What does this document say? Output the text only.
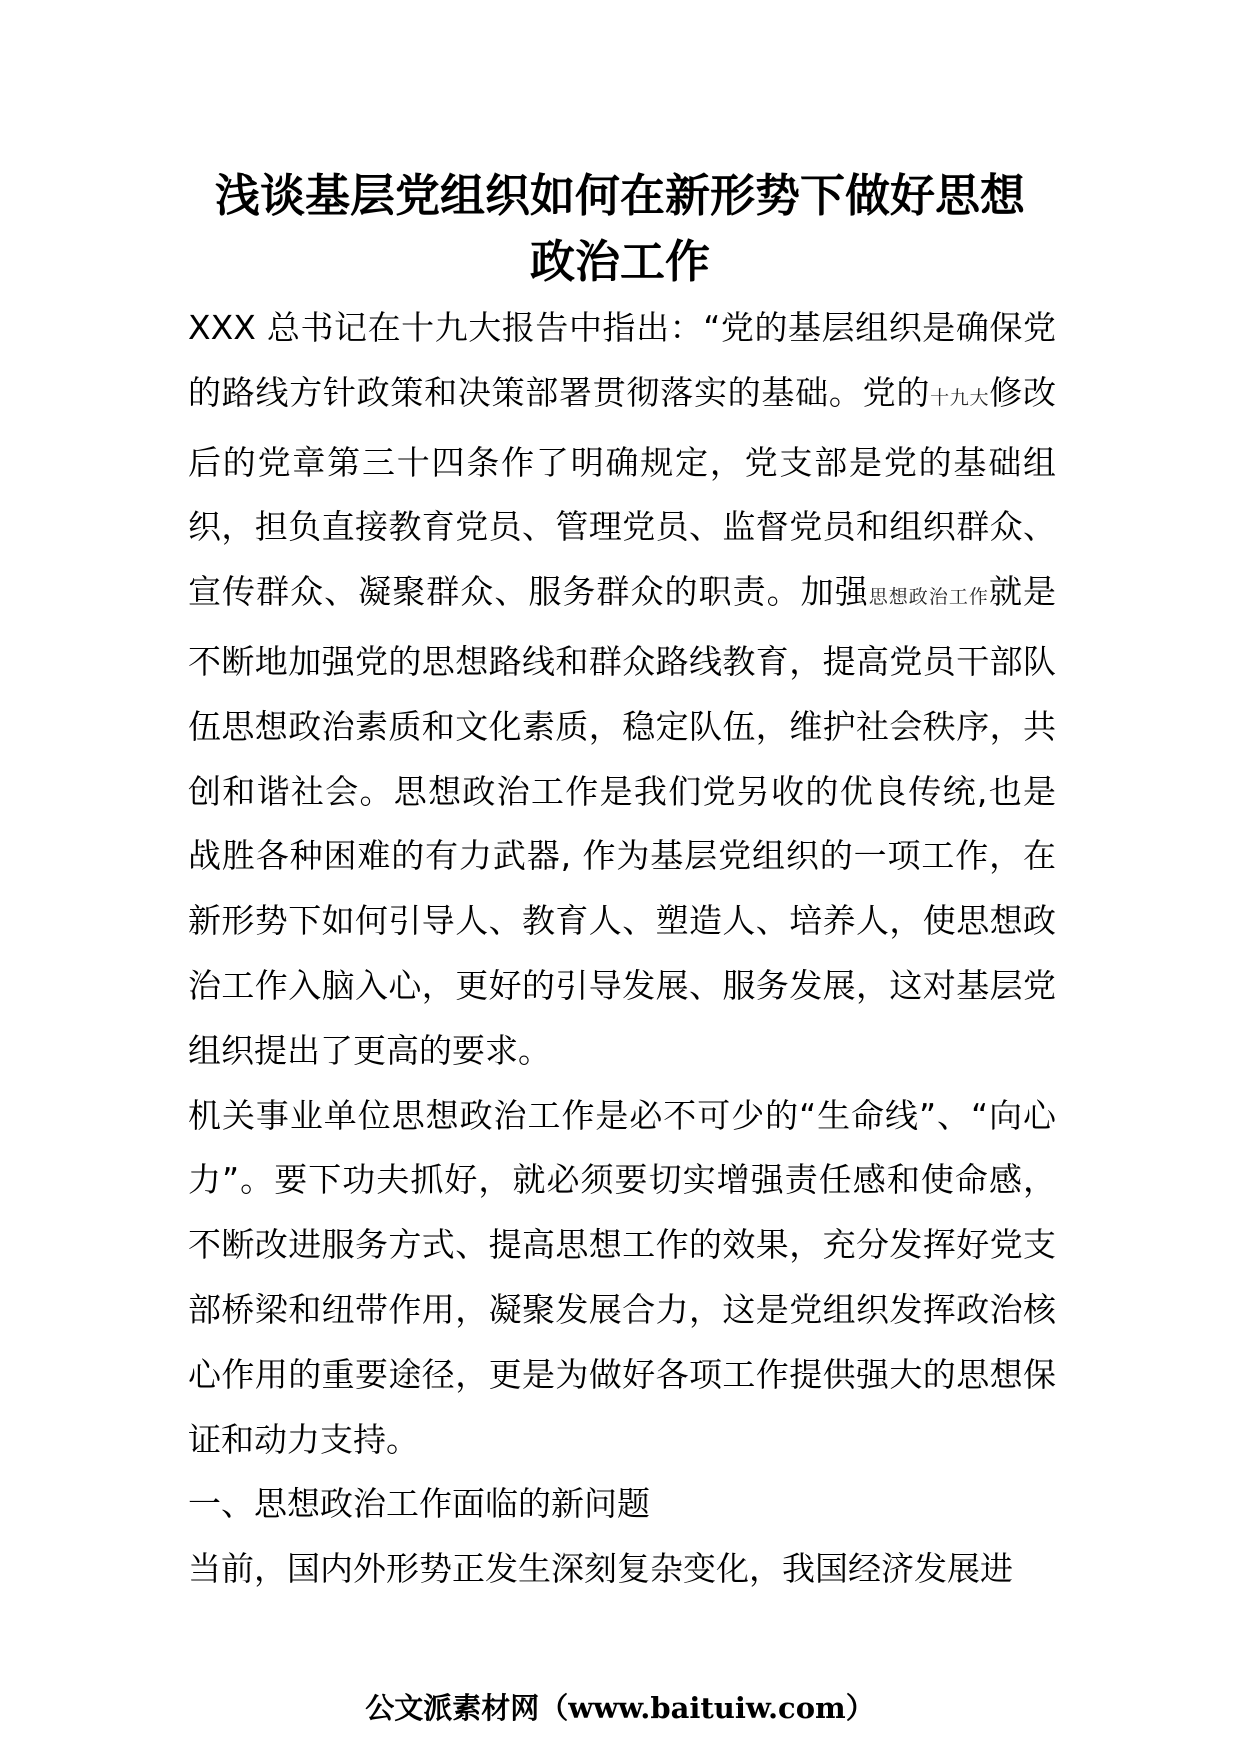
浅谈基层党组织如何在新形势下做好思想
政治工作

XXX 总书记在十九大报告中指出：“党的基层组织是确保党的路线方针政策和决策部署贯彻落实的基础。党的十九大修改后的党章第三十四条作了明确规定，党支部是党的基础组织，担负直接教育党员、管理党员、监督党员和组织群众、宣传群众、凝聚群众、服务群众的职责。加强思想政治工作就是不断地加强党的思想路线和群众路线教育，提高党员干部队伍思想政治素质和文化素质，稳定队伍，维护社会秩序，共创和谐社会。思想政治工作是我们党另收的优良传统,也是战胜各种困难的有力武器, 作为基层党组织的一项工作，在新形势下如何引导人、教育人、塑造人、培养人，使思想政治工作入脑入心，更好的引导发展、服务发展，这对基层党组织提出了更高的要求。

机关事业单位思想政治工作是必不可少的“生命线”、“向心力”。要下功夫抓好，就必须要切实增强责任感和使命感，不断改进服务方式、提高思想工作的效果，充分发挥好党支部桥梁和纽带作用，凝聚发展合力，这是党组织发挥政治核心作用的重要途径，更是为做好各项工作提供强大的思想保证和动力支持。

一、思想政治工作面临的新问题

当前，国内外形势正发生深刻复杂变化，我国经济发展进

公文派素材网（www.baituiw.com）
